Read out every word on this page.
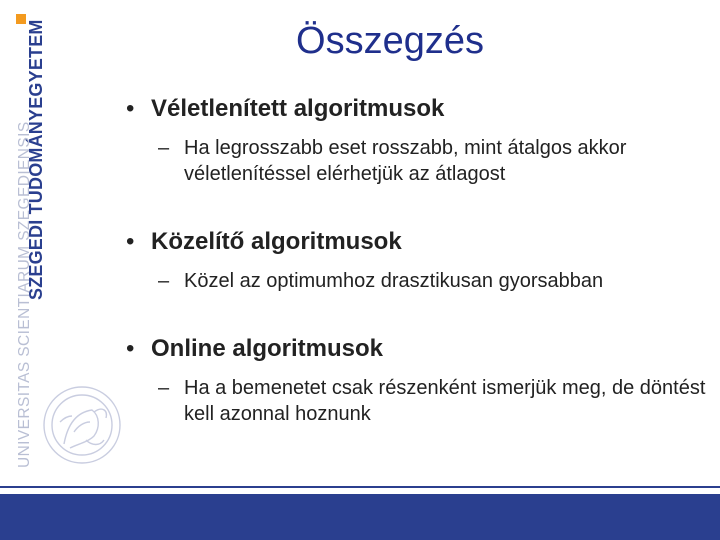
SZEGEDI TUDOMÁNYEGYETEM
UNIVERSITAS SCIENTIARUM SZEGEDIENSIS
Összegzés
• Véletlenített algoritmusok
– Ha legrosszabb eset rosszabb, mint átalgos akkor véletlenítéssel elérhetjük az átlagost
• Közelítő algoritmusok
– Közel az optimumhoz drasztikusan gyorsabban
• Online algoritmusok
– Ha a bemenetet csak részenként ismerjük meg, de döntést kell azonnal hoznunk
